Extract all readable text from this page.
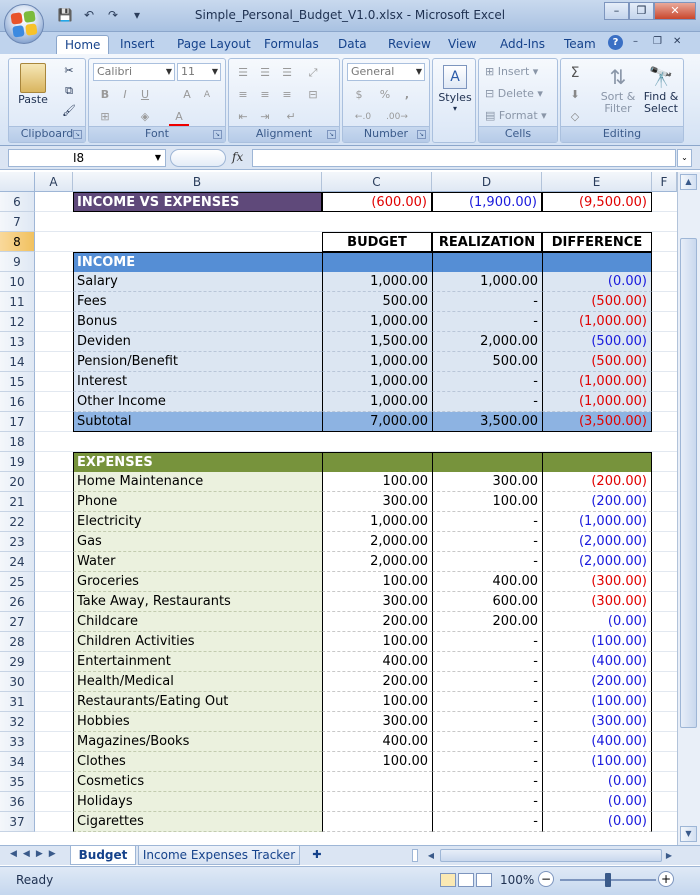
💾 ↶	↷	▾	Simple_Personal_Budget_V1.0.xlsx - Microsoft Excel	–	❐	✕
Home	Insert Page Layout Formulas Data Review View Add-Ins Team	?	– ❐ ✕
Paste
✂
⧉
🖌
Clipboard ↘
Calibri	▼ 11 ▼
B	I	U	A	A
⊞	◈	A
Font	↘
☰	☰	☰	⤢
≡	≡	≡	⊟
⇤	⇥	↵
Alignment	↘
General	▼
$	%	,
←.0	.00→
Number	↘
A
Styles
▾
⊞ Insert ▾
⊟ Delete ▾
▤ Format ▾
Cells
Σ
⬇
◇
⇅
Sort & Filter
🔭
Find & Select
Editing
I8	▼	fx	⌄
A	B	C	D	E	F
6
7
8
9
10
11
12
13
14
15
16
17
18
19
20
21
22
23
24
25
26
27
28
29
30
31
32
33
34
35
36
37
INCOME VS EXPENSES	(600.00)	(1,900.00)	(9,500.00)
BUDGET	REALIZATION	DIFFERENCE
INCOME
Salary	1,000.00	1,000.00	(0.00)
Fees	500.00	-	(500.00)
Bonus	1,000.00	-	(1,000.00)
Deviden	1,500.00	2,000.00	(500.00)
Pension/Benefit	1,000.00	500.00	(500.00)
Interest	1,000.00	-	(1,000.00)
Other Income	1,000.00	-	(1,000.00)
Subtotal	7,000.00	3,500.00	(3,500.00)
EXPENSES
Home Maintenance	100.00	300.00	(200.00)
Phone	300.00	100.00	(200.00)
Electricity	1,000.00	-	(1,000.00)
Gas	2,000.00	-	(2,000.00)
Water	2,000.00	-	(2,000.00)
Groceries	100.00	400.00	(300.00)
Take Away, Restaurants	300.00	600.00	(300.00)
Childcare	200.00	200.00	(0.00)
Children Activities	100.00	-	(100.00)
Entertainment	400.00	-	(400.00)
Health/Medical	200.00	-	(200.00)
Restaurants/Eating Out	100.00	-	(100.00)
Hobbies	300.00	-	(300.00)
Magazines/Books	400.00	-	(400.00)
Clothes	100.00	-	(100.00)
Cosmetics	-	(0.00)
Holidays	-	(0.00)
Cigarettes	-	(0.00)
▲
▼
◀◀▶▶	Budget	Income Expenses Tracker	✚	◀	▶
Ready	100% −	+
